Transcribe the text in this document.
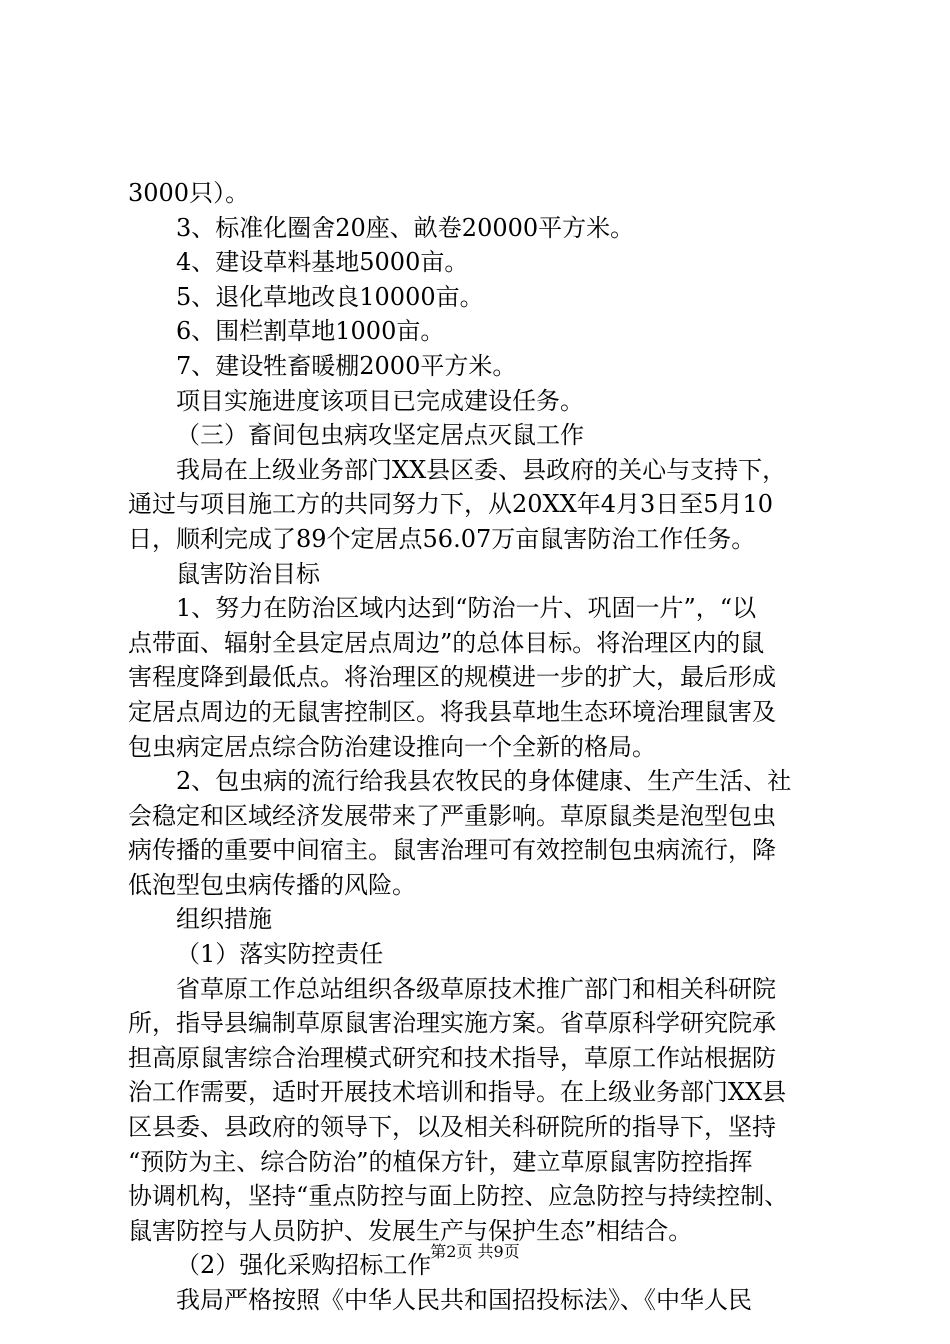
3000只）。
3、标准化圈舍20座、畝卷20000平方米。
4、建设草料基地5000亩。
5、退化草地改良10000亩。
6、围栏割草地1000亩。
7、建设牲畜暖棚2000平方米。
项目实施进度该项目已完成建设任务。
（三）畜间包虫病攻坚定居点灭鼠工作
我局在上级业务部门XX县区委、县政府的关心与支持下，
通过与项目施工方的共同努力下，从20XX年4月3日至5月10
日，顺利完成了89个定居点56.07万亩鼠害防治工作任务。
鼠害防治目标
1、努力在防治区域内达到“防治一片、巩固一片”，“以
点带面、辐射全县定居点周边”的总体目标。将治理区内的鼠
害程度降到最低点。将治理区的规模进一步的扩大，最后形成
定居点周边的无鼠害控制区。将我县草地生态环境治理鼠害及
包虫病定居点综合防治建设推向一个全新的格局。
2、包虫病的流行给我县农牧民的身体健康、生产生活、社
会稳定和区域经济发展带来了严重影响。草原鼠类是泡型包虫
病传播的重要中间宿主。鼠害治理可有效控制包虫病流行，降
低泡型包虫病传播的风险。
组织措施
（1）落实防控责任
省草原工作总站组织各级草原技术推广部门和相关科研院
所，指导县编制草原鼠害治理实施方案。省草原科学研究院承
担高原鼠害综合治理模式研究和技术指导，草原工作站根据防
治工作需要，适时开展技术培训和指导。在上级业务部门XX县
区县委、县政府的领导下，以及相关科研院所的指导下，坚持
“预防为主、综合防治”的植保方针，建立草原鼠害防控指挥
协调机构，坚持“重点防控与面上防控、应急防控与持续控制、
鼠害防控与人员防护、发展生产与保护生态”相结合。
（2）强化采购招标工作
我局严格按照《中华人民共和国招投标法》、《中华人民
第2页 共9页
